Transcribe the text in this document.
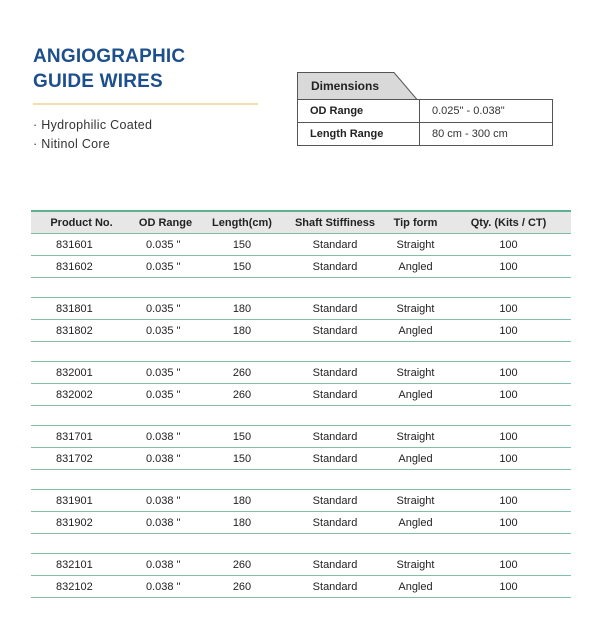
ANGIOGRAPHIC
GUIDE WIRES
· Hydrophilic Coated
· Nitinol Core
Dimensions
OD Range	0.025" - 0.038"
Length Range	80 cm - 300 cm
Product No.	OD Range	Length(cm)	Shaft Stiffiness	Tip form	Qty. (Kits / CT)
831601	0.035 "	150	Standard	Straight	100
831602	0.035 "	150	Standard	Angled	100

831801	0.035 "	180	Standard	Straight	100
831802	0.035 "	180	Standard	Angled	100

832001	0.035 "	260	Standard	Straight	100
832002	0.035 "	260	Standard	Angled	100

831701	0.038 "	150	Standard	Straight	100
831702	0.038 "	150	Standard	Angled	100

831901	0.038 "	180	Standard	Straight	100
831902	0.038 "	180	Standard	Angled	100

832101	0.038 "	260	Standard	Straight	100
832102	0.038 "	260	Standard	Angled	100
